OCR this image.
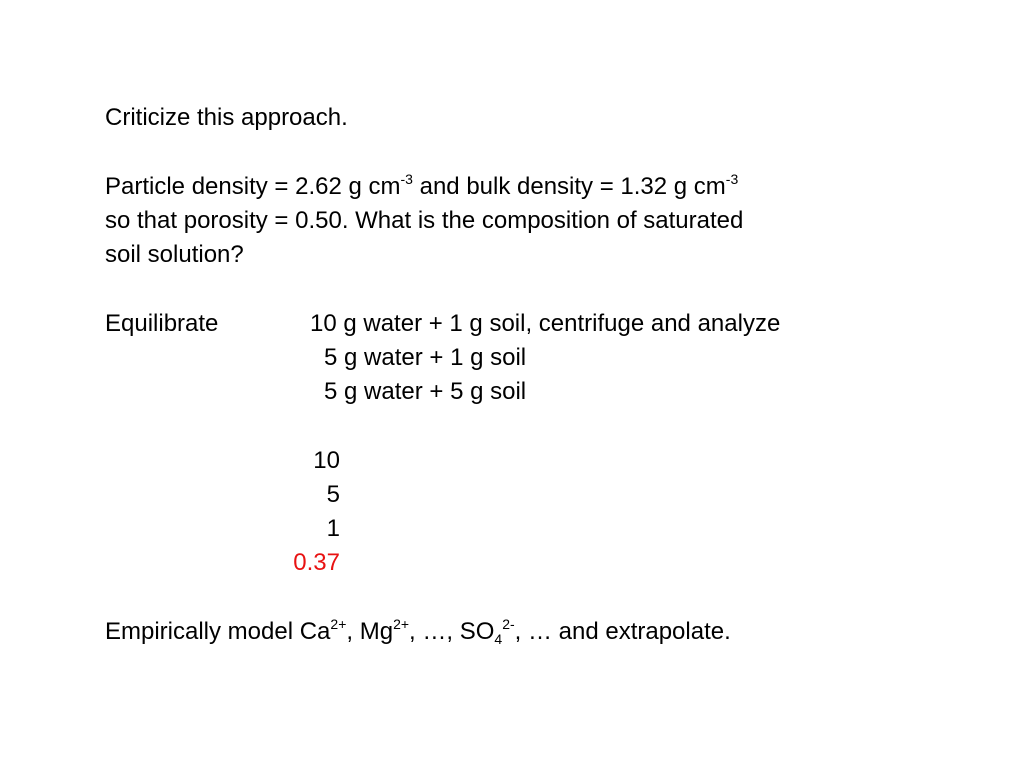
Criticize this approach.
Particle density = 2.62 g $cm^{-3}$ and bulk density = 1.32 g $cm^{-3}$
so that porosity = 0.50. What is the composition of saturated
soil solution?
Equilibrate	10 g water + 1 g soil, centrifuge and analyze
5 g water + 1 g soil
5 g water + 5 g soil
10
5
1
0.37
Empirically model $Ca^{2+}$, $Mg^{2+}$, …, $SO_4^{2-}$, … and extrapolate.
